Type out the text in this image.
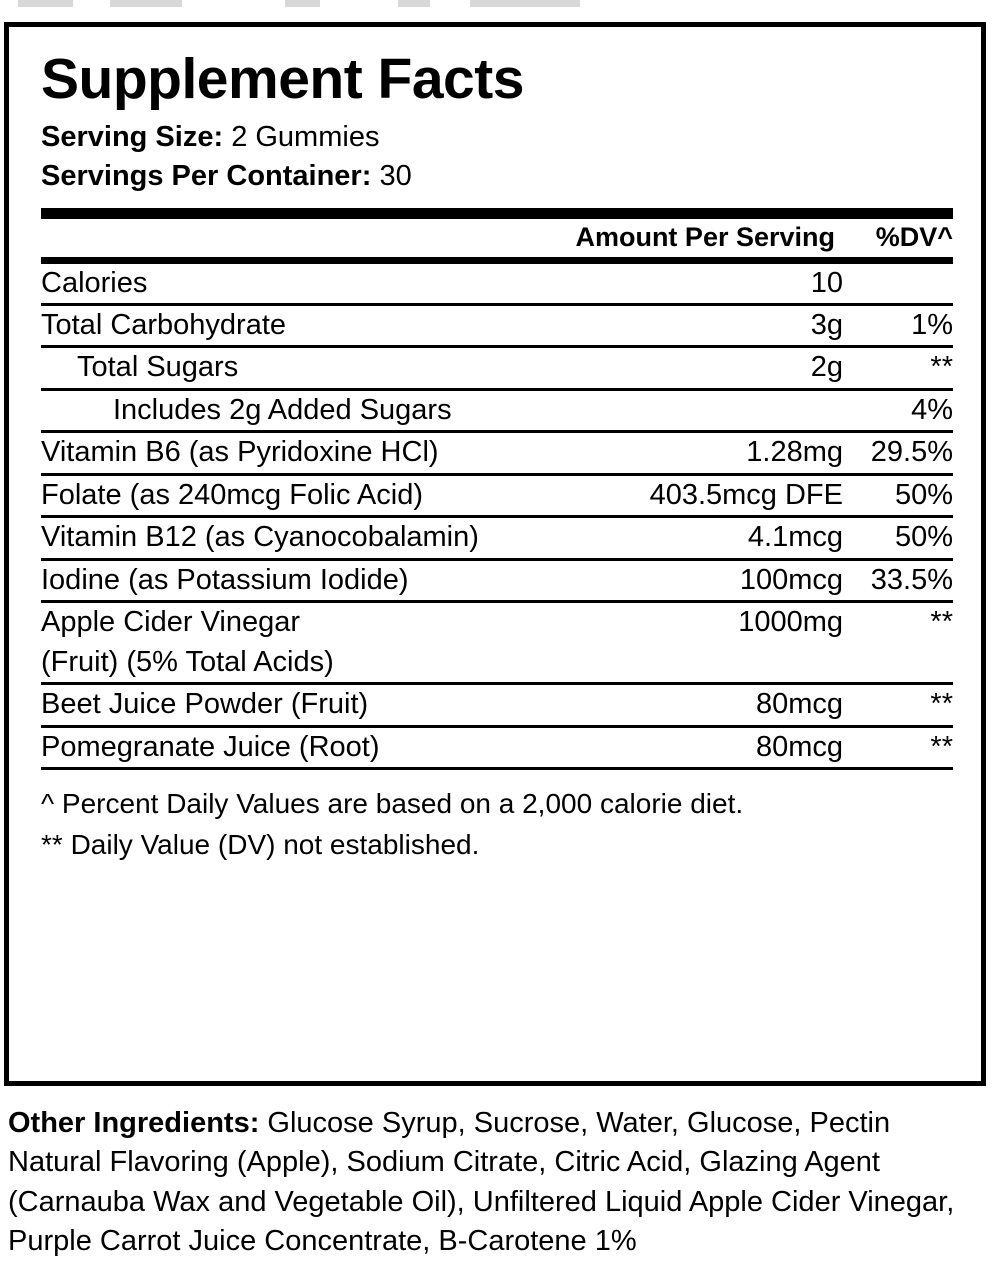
Supplement Facts
Serving Size: 2 Gummies
Servings Per Container: 30
	Amount Per Serving	%DV^
Calories	10	
Total Carbohydrate	3g	1%
Total Sugars	2g	**
Includes 2g Added Sugars		4%
Vitamin B6 (as Pyridoxine HCl)	1.28mg	29.5%
Folate (as 240mcg Folic Acid)	403.5mcg DFE	50%
Vitamin B12 (as Cyanocobalamin)	4.1mcg	50%
Iodine (as Potassium Iodide)	100mcg	33.5%
Apple Cider Vinegar	1000mg	**
(Fruit) (5% Total Acids)		
Beet Juice Powder (Fruit)	80mcg	**
Pomegranate Juice (Root)	80mcg	**
^ Percent Daily Values are based on a 2,000 calorie diet.
** Daily Value (DV) not established.
Other Ingredients: Glucose Syrup, Sucrose, Water, Glucose, Pectin Natural Flavoring (Apple), Sodium Citrate, Citric Acid, Glazing Agent (Carnauba Wax and Vegetable Oil), Unfiltered Liquid Apple Cider Vinegar, Purple Carrot Juice Concentrate, B-Carotene 1%
